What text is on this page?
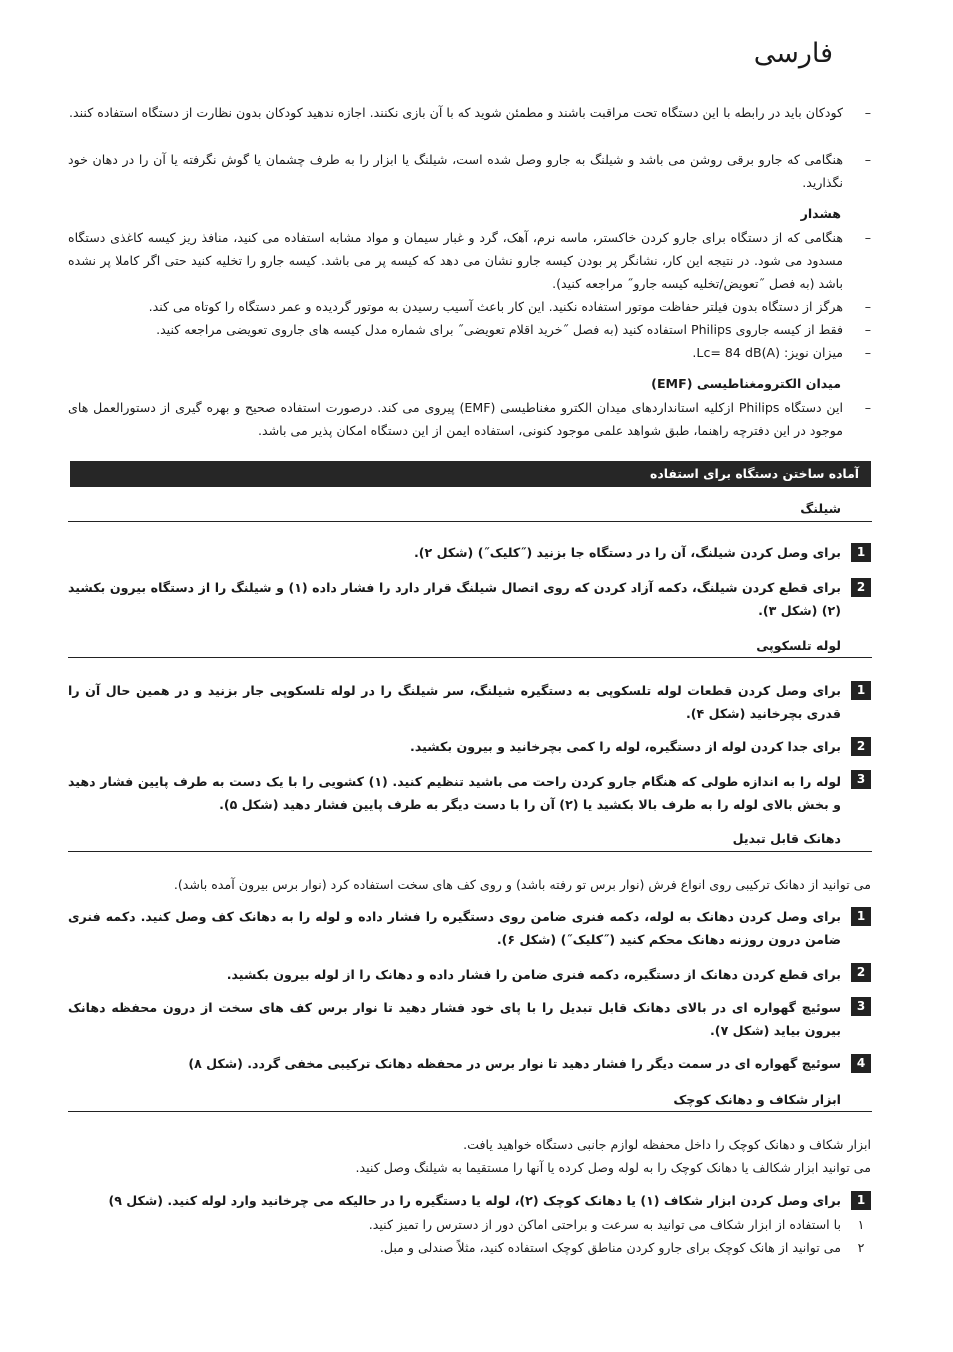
فارسی
–
کودکان باید در رابطه با این دستگاه تحت مراقبت باشند و مطمئن شوید که با آن بازی نکنند. اجازه ندهید کودکان بدون نظارت از دستگاه استفاده کنند.
–
هنگامی که جارو برقی روشن می باشد و شیلنگ به جارو وصل شده است، شیلنگ یا ابزار را به طرف چشمان یا گوش نگرفته یا آن را در دهان خود نگذارید.
هشدار
–
هنگامی که از دستگاه برای جارو کردن خاکستر، ماسه نرم، آهک، گرد و غبار سیمان و مواد مشابه استفاده می کنید، منافذ ریز کیسه کاغذی دستگاه مسدود می شود. در نتیجه این کار، نشانگر پر بودن کیسه جارو نشان می دهد که کیسه پر می باشد. کیسه جارو را تخلیه کنید حتی اگر کاملا پر نشده باشد (به فصل ˝تعویض/تخلیه کیسه جارو˝ مراجعه کنید).
–
هرگز از دستگاه بدون فیلتر حفاظت موتور استفاده نکنید. این کار باعث آسیب رسیدن به موتور گردیده و عمر دستگاه را کوتاه می کند.
–
فقط از کیسه جاروی Philips استفاده کنید (به فصل ˝خرید اقلام تعویضی˝ برای شماره مدل کیسه های جاروی تعویضی مراجعه کنید.
–
میزان نویز: Lc= 84 dB(A).
میدان الکترومغناطیسی (EMF)
–
این دستگاه Philips ازکلیه استانداردهای میدان الکترو مغناطیسی (EMF) پیروی می کند. درصورت استفاده صحیح و بهره گیری از دستورالعمل های موجود در این دفترچه راهنما، طبق شواهد علمی موجود کنونی، استفاده ایمن از این دستگاه امکان پذیر می باشد.
آماده ساختن دستگاه برای استفاده
شیلنگ
1
برای وصل کردن شیلنگ، آن را در دستگاه جا بزنید (˝کلیک˝) (شکل ۲).
2
برای قطع کردن شیلنگ، دکمه آزاد کردن که روی اتصال شیلنگ قرار دارد را فشار داده (۱) و شیلنگ را از دستگاه بیرون بکشید (۲) (شکل ۳).
لوله تلسکوپی
1
برای وصل کردن قطعات لوله تلسکوپی به دستگیره شیلنگ، سر شیلنگ را در لوله تلسکوپی جار بزنید و در همین حال آن را قدری بچرخانید (شکل ۴).
2
برای جدا کردن لوله از دستگیره، لوله را کمی بچرخانید و بیرون بکشید.
3
لوله را به اندازه طولی که هنگام جارو کردن راحت می باشید تنظیم کنید. (۱) کشویی را با یک دست به طرف پایین فشار دهید و بخش بالای لوله را به طرف بالا بکشید یا (۲) آن را با دست دیگر به طرف پایین فشار دهید (شکل ۵).
دهانک قابل تبدیل
می توانید از دهانک ترکیبی روی انواع فرش (نوار برس تو رفته باشد) و روی کف های سخت استفاده کرد (نوار برس بیرون آمده باشد).
1
برای وصل کردن دهانک به لوله، دکمه فنری ضامن روی دستگیره را فشار داده و لوله را به دهانک کف وصل کنید. دکمه فنری ضامن درون روزنه دهانک محکم کنید (˝کلیک˝) (شکل ۶).
2
برای قطع کردن دهانک از دستگیره، دکمه فنری ضامن را فشار داده و دهانک را از لوله بیرون بکشید.
3
سوئیچ گهواره ای در بالای دهانک قابل تبدیل را با پای خود فشار دهید تا نوار برس کف های سخت از درون محفظه دهانک بیرون بیاید (شکل ۷).
4
سوئیچ گهواره ای در سمت دیگر را فشار دهید تا نوار برس در محفظه دهانک ترکیبی مخفی گردد. (شکل ۸)
ابزار شکاف و دهانک کوچک
ابزار شکاف و دهانک کوچک را داخل محفظه لوازم جانبی دستگاه خواهید یافت.
می توانید ابزار شکالف یا دهانک کوچک را به لوله وصل کرده یا آنها را مستقیما به شیلنگ وصل کنید.
1
برای وصل کردن ابزار شکاف (۱) یا دهانک کوچک (۲)، لوله یا دستگیره را در حالیکه می چرخانید وارد لوله کنید. (شکل ۹)
۱
با استفاده از ابزار شکاف می توانید به سرعت و براحتی اماکن دور از دسترس را تمیز کنید.
۲
می توانید از هانک کوچک برای جارو کردن مناطق کوچک استفاده کنید، مثلاً صندلی و مبل.
